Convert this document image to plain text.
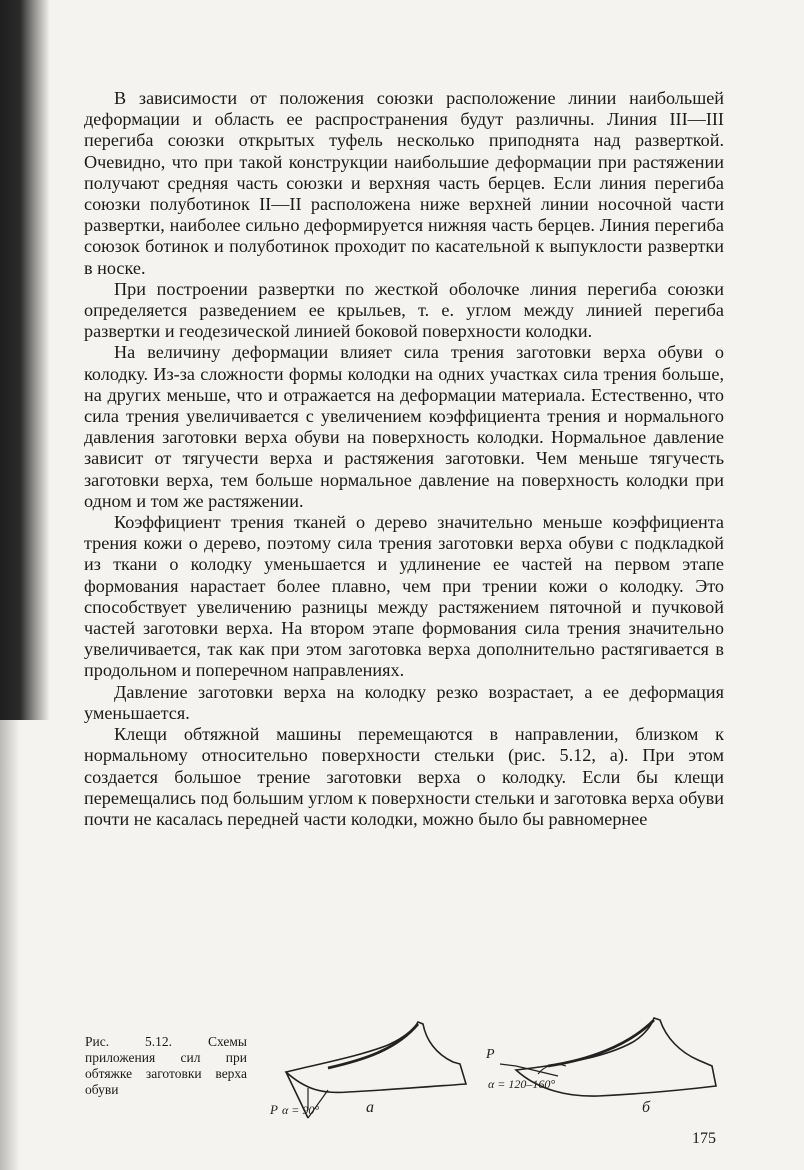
В зависимости от положения союзки расположение линии наибольшей деформации и область ее распространения будут различны. Линия III—III перегиба союзки открытых туфель несколько приподнята над разверткой. Очевидно, что при такой конструкции наибольшие деформации при растяжении получают средняя часть союзки и верхняя часть берцев. Если линия перегиба союзки полуботинок II—II расположена ниже верхней линии носочной части развертки, наиболее сильно деформируется нижняя часть берцев. Линия перегиба союзок ботинок и полуботинок проходит по касательной к выпуклости развертки в носке.

При построении развертки по жесткой оболочке линия перегиба союзки определяется разведением ее крыльев, т. е. углом между линией перегиба развертки и геодезической линией боковой поверхности колодки.

На величину деформации влияет сила трения заготовки верха обуви о колодку. Из-за сложности формы колодки на одних участках сила трения больше, на других меньше, что и отражается на деформации материала. Естественно, что сила трения увеличивается с увеличением коэффициента трения и нормального давления заготовки верха обуви на поверхность колодки. Нормальное давление зависит от тягучести верха и растяжения заготовки. Чем меньше тягучесть заготовки верха, тем больше нормальное давление на поверхность колодки при одном и том же растяжении.

Коэффициент трения тканей о дерево значительно меньше коэффициента трения кожи о дерево, поэтому сила трения заготовки верха обуви с подкладкой из ткани о колодку уменьшается и удлинение ее частей на первом этапе формования нарастает более плавно, чем при трении кожи о колодку. Это способствует увеличению разницы между растяжением пяточной и пучковой частей заготовки верха. На втором этапе формования сила трения значительно увеличивается, так как при этом заготовка верха дополнительно растягивается в продольном и поперечном направлениях.

Давление заготовки верха на колодку резко возрастает, а ее деформация уменьшается.

Клещи обтяжной машины перемещаются в направлении, близком к нормальному относительно поверхности стельки (рис. 5.12, а). При этом создается большое трение заготовки верха о колодку. Если бы клещи перемещались под большим углом к поверхности стельки и заготовка верха обуви почти не касалась передней части колодки, можно было бы равномернее

Рис. 5.12. Схемы приложения сил при обтяжке заготовки верха обуви
P α = 90°	а
P
α = 120–160°
б
175
